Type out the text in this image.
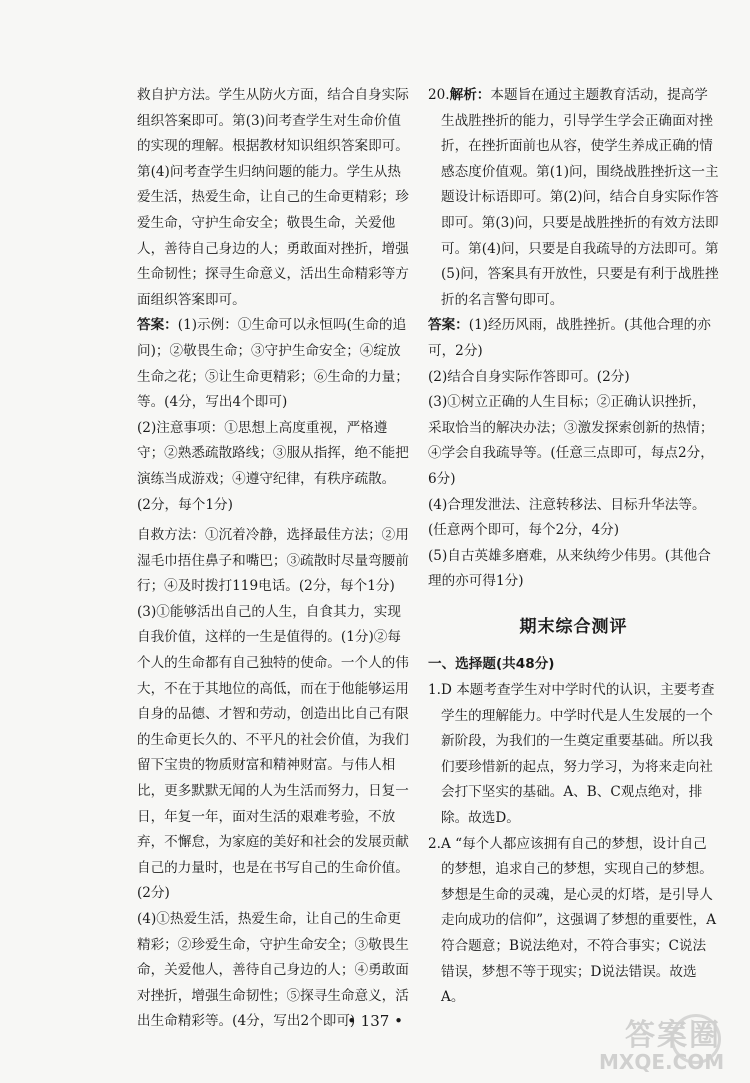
救自护方法。学生从防火方面，结合自身实际组织答案即可。第(3)问考查学生对生命价值的实现的理解。根据教材知识组织答案即可。第(4)问考查学生归纳问题的能力。学生从热爱生活，热爱生命，让自己的生命更精彩；珍爱生命，守护生命安全；敬畏生命，关爱他人，善待自己身边的人；勇敢面对挫折，增强生命韧性；探寻生命意义，活出生命精彩等方面组织答案即可。

答案：(1)示例：①生命可以永恒吗(生命的追问)；②敬畏生命；③守护生命安全；④绽放生命之花；⑤让生命更精彩；⑥生命的力量；等。(4分，写出4个即可)

(2)注意事项：①思想上高度重视，严格遵守；②熟悉疏散路线；③服从指挥，绝不能把演练当成游戏；④遵守纪律，有秩序疏散。(2分，每个1分)

自救方法：①沉着冷静，选择最佳方法；②用湿毛巾捂住鼻子和嘴巴；③疏散时尽量弯腰前行；④及时拨打119电话。(2分，每个1分)

(3)①能够活出自己的人生，自食其力，实现自我价值，这样的一生是值得的。(1分)②每个人的生命都有自己独特的使命。一个人的伟大，不在于其地位的高低，而在于他能够运用自身的品德、才智和劳动，创造出比自己有限的生命更长久的、不平凡的社会价值，为我们留下宝贵的物质财富和精神财富。与伟人相比，更多默默无闻的人为生活而努力，日复一日，年复一年，面对生活的艰难考验，不放弃，不懈怠，为家庭的美好和社会的发展贡献自己的力量时，也是在书写自己的生命价值。(2分)

(4)①热爱生活，热爱生命，让自己的生命更精彩；②珍爱生命，守护生命安全；③敬畏生命，关爱他人，善待自己身边的人；④勇敢面对挫折，增强生命韧性；⑤探寻生命意义，活出生命精彩等。(4分，写出2个即可)

20.解析：本题旨在通过主题教育活动，提高学生战胜挫折的能力，引导学生学会正确面对挫折，在挫折面前也从容，使学生养成正确的情感态度价值观。第(1)问，围绕战胜挫折这一主题设计标语即可。第(2)问，结合自身实际作答即可。第(3)问，只要是战胜挫折的有效方法即可。第(4)问，只要是自我疏导的方法即可。第(5)问，答案具有开放性，只要是有利于战胜挫折的名言警句即可。

答案：(1)经历风雨，战胜挫折。(其他合理的亦可，2分)

(2)结合自身实际作答即可。(2分)

(3)①树立正确的人生目标；②正确认识挫折，采取恰当的解决办法；③激发探索创新的热情；④学会自我疏导等。(任意三点即可，每点2分，6分)

(4)合理发泄法、注意转移法、目标升华法等。(任意两个即可，每个2分，4分)

(5)自古英雄多磨难，从来纨绔少伟男。(其他合理的亦可得1分)

期末综合测评

一、选择题(共48分)

1.D 本题考查学生对中学时代的认识，主要考查学生的理解能力。中学时代是人生发展的一个新阶段，为我们的一生奠定重要基础。所以我们要珍惜新的起点，努力学习，为将来走向社会打下坚实的基础。A、B、C观点绝对，排除。故选D。

2.A “每个人都应该拥有自己的梦想，设计自己的梦想，追求自己的梦想，实现自己的梦想。梦想是生命的灵魂，是心灵的灯塔，是引导人走向成功的信仰”，这强调了梦想的重要性，A符合题意；B说法绝对，不符合事实；C说法错误，梦想不等于现实；D说法错误。故选A。

• 137 •	答案圈
MXQE.COM
